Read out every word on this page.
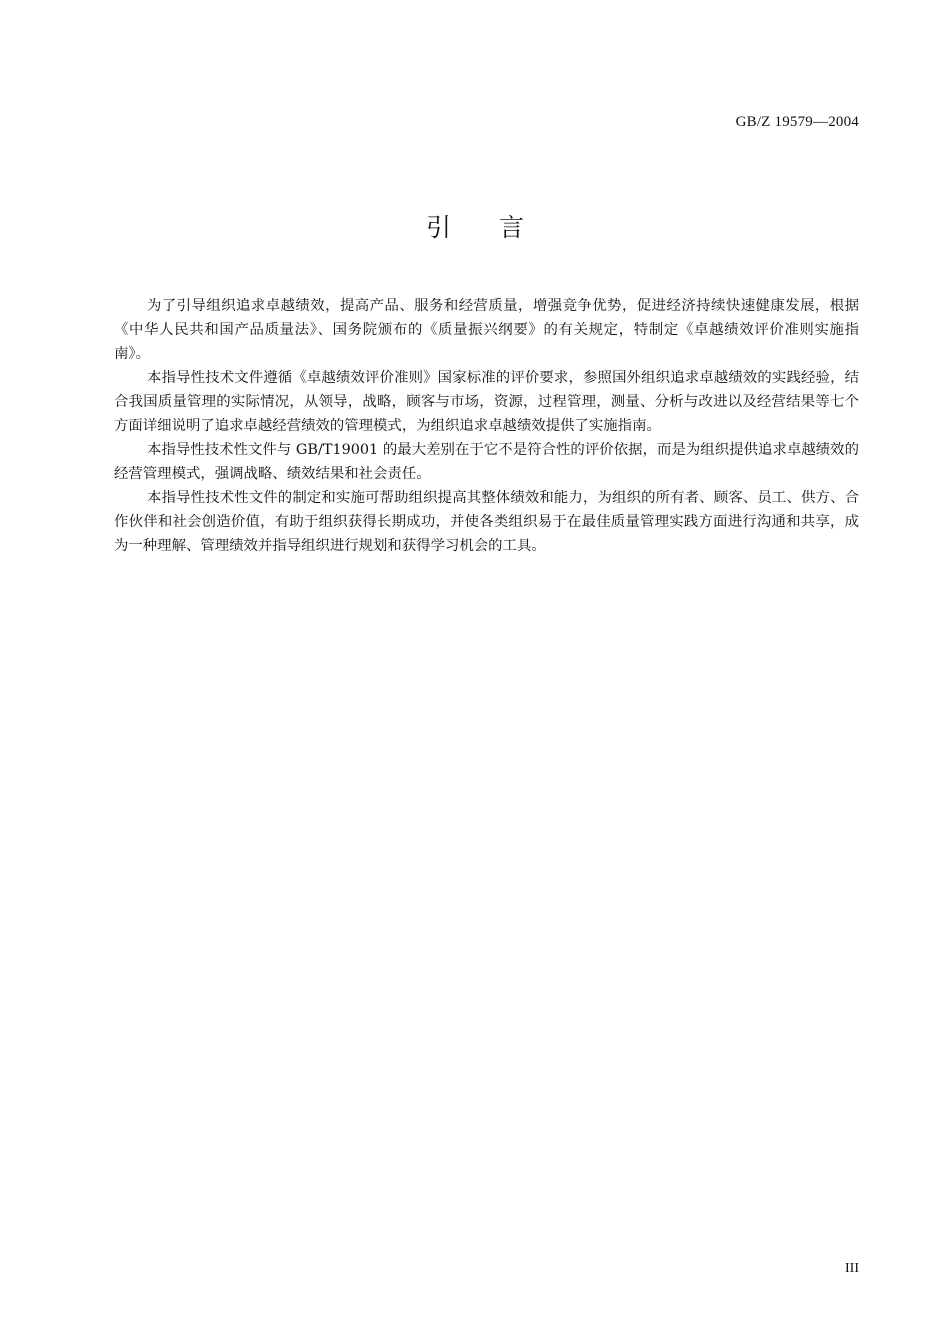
GB/Z 19579—2004
引言

为了引导组织追求卓越绩效，提高产品、服务和经营质量，增强竞争优势，促进经济持续快速健康发展，根据《中华人民共和国产品质量法》、国务院颁布的《质量振兴纲要》的有关规定，特制定《卓越绩效评价准则实施指南》。

本指导性技术文件遵循《卓越绩效评价准则》国家标准的评价要求，参照国外组织追求卓越绩效的实践经验，结合我国质量管理的实际情况，从领导，战略，顾客与市场，资源，过程管理，测量、分析与改进以及经营结果等七个方面详细说明了追求卓越经营绩效的管理模式，为组织追求卓越绩效提供了实施指南。

本指导性技术性文件与 GB/T19001 的最大差别在于它不是符合性的评价依据，而是为组织提供追求卓越绩效的经营管理模式，强调战略、绩效结果和社会责任。

本指导性技术性文件的制定和实施可帮助组织提高其整体绩效和能力，为组织的所有者、顾客、员工、供方、合作伙伴和社会创造价值，有助于组织获得长期成功，并使各类组织易于在最佳质量管理实践方面进行沟通和共享，成为一种理解、管理绩效并指导组织进行规划和获得学习机会的工具。

III
